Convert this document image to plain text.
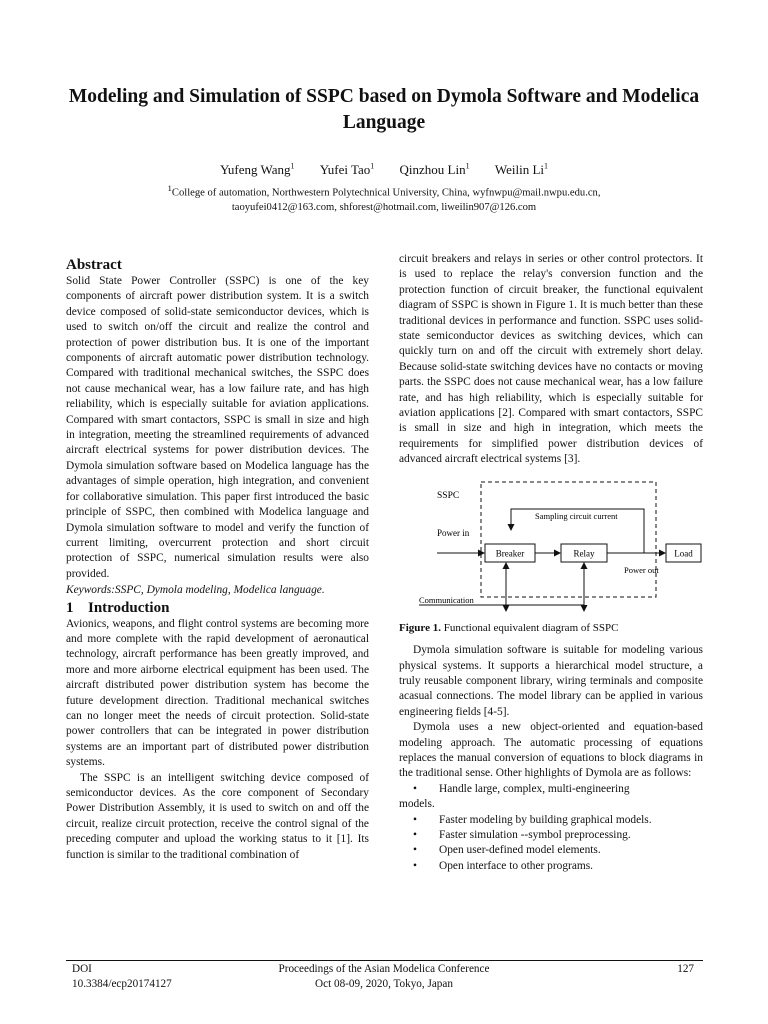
Modeling and Simulation of SSPC based on Dymola Software and Modelica Language
Yufeng Wang$^1$ Yufei Tao$^1$ Qinzhou Lin$^1$ Weilin Li$^1$
$^1$College of automation, Northwestern Polytechnical University, China, wyfnwpu@mail.nwpu.edu.cn,
taoyufei0412@163.com, shforest@hotmail.com, liweilin907@126.com

Abstract

Solid State Power Controller (SSPC) is one of the key components of aircraft power distribution system. It is a switch device composed of solid-state semiconductor devices, which is used to switch on/off the circuit and realize the control and protection of power distribution bus. It is one of the important components of aircraft automatic power distribution technology. Compared with traditional mechanical switches, the SSPC does not cause mechanical wear, has a low failure rate, and has high reliability, which is especially suitable for aviation applications. Compared with smart contactors, SSPC is small in size and high in integration, meeting the streamlined requirements of advanced aircraft electrical systems for power distribution devices. The Dymola simulation software based on Modelica language has the advantages of simple operation, high integration, and convenient for collaborative simulation. This paper first introduced the basic principle of SSPC, then combined with Modelica language and Dymola simulation software to model and verify the function of current limiting, overcurrent protection and short circuit protection of SSPC, numerical simulation results were also provided.

Keywords:SSPC, Dymola modeling, Modelica language.

1 Introduction

Avionics, weapons, and flight control systems are becoming more and more complete with the rapid development of aeronautical technology, aircraft performance has been greatly improved, and more and more airborne electrical equipment has been used. The aircraft distributed power distribution system has become the future development direction. Traditional mechanical switches can no longer meet the needs of circuit protection. Solid-state power controllers that can be integrated in power distribution systems are an important part of distributed power distribution systems.

The SSPC is an intelligent switching device composed of semiconductor devices. As the core component of Secondary Power Distribution Assembly, it is used to switch on and off the circuit, realize circuit protection, receive the control signal of the preceding computer and upload the working status to it [1]. Its function is similar to the traditional combination of

circuit breakers and relays in series or other control protectors. It is used to replace the relay's conversion function and the protection function of circuit breaker, the functional equivalent diagram of SSPC is shown in Figure 1. It is much better than these traditional devices in performance and function. SSPC uses solid-state semiconductor devices as switching devices, which can quickly turn on and off the circuit with extremely short delay. Because solid-state switching devices have no contacts or moving parts. the SSPC does not cause mechanical wear, has a low failure rate, and has high reliability, which is especially suitable for aviation applications [2]. Compared with smart contactors, SSPC is small in size and high in integration, which meets the requirements for simplified power distribution devices of advanced aircraft electrical systems [3].

SSPC
Sampling circuit current
Power in
Breaker	Relay
Power out
Load
Communication

Figure 1. Functional equivalent diagram of SSPC

Dymola simulation software is suitable for modeling various physical systems. It supports a hierarchical model structure, a truly reusable component library, wiring terminals and composite acasual connections. The model library can be applied in various engineering fields [4-5].

Dymola uses a new object-oriented and equation-based modeling approach. The automatic processing of equations replaces the manual conversion of equations to block diagrams in the traditional sense. Other highlights of Dymola are as follows:

•	Handle large, complex, multi-engineering

models.

•	Faster modeling by building graphical models.
•	Faster simulation --symbol preprocessing.
•	Open user-defined model elements.
•	Open interface to other programs.
DOI
10.3384/ecp20174127
Proceedings of the Asian Modelica Conference
Oct 08-09, 2020, Tokyo, Japan
127
